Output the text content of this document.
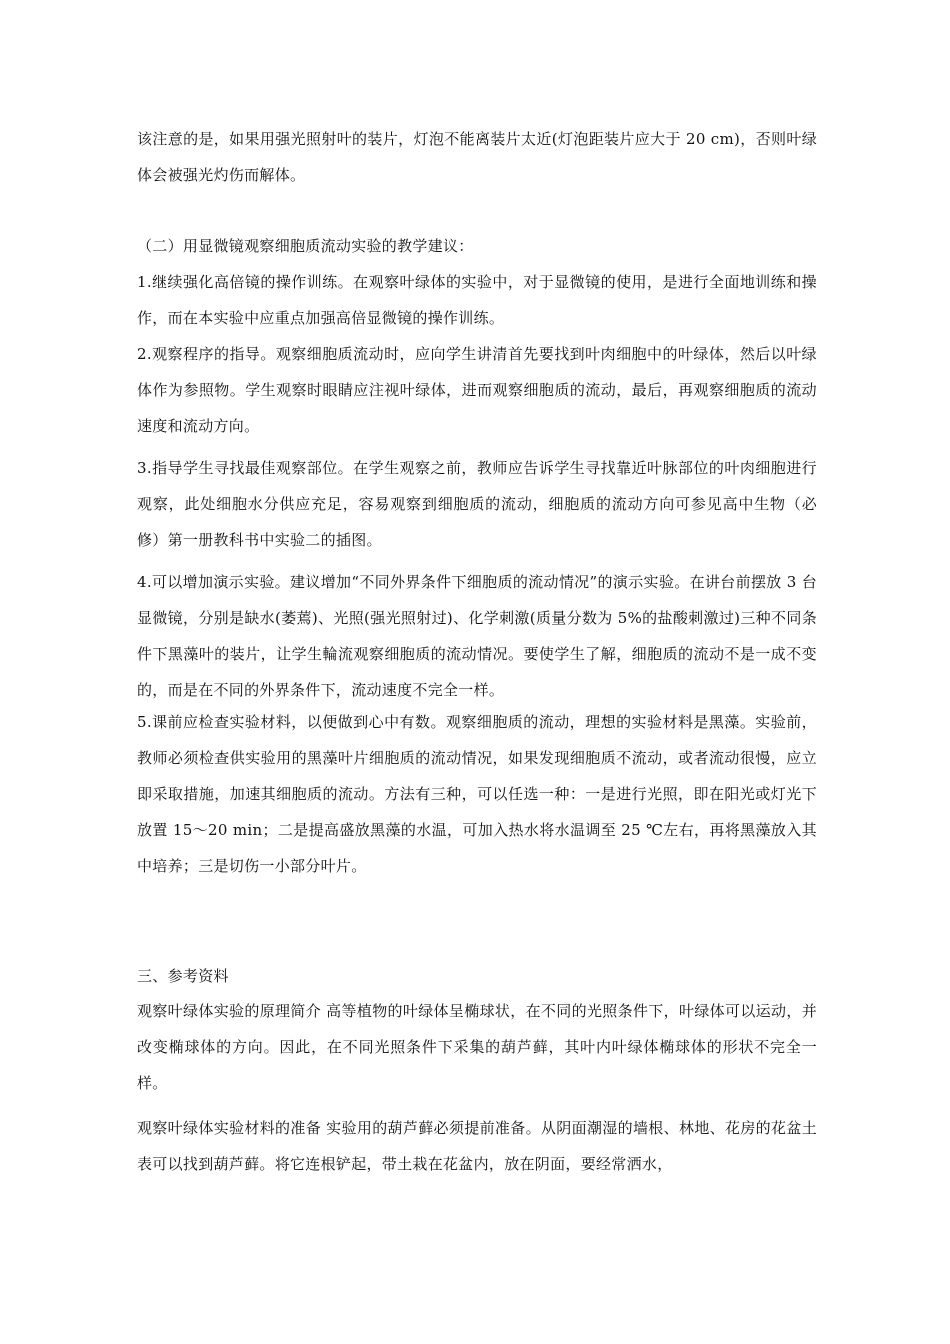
该注意的是，如果用强光照射叶的装片，灯泡不能离装片太近(灯泡距装片应大于 20 cm)，否则叶绿体会被强光灼伤而解体。

（二）用显微镜观察细胞质流动实验的教学建议：

1.继续强化高倍镜的操作训练。在观察叶绿体的实验中，对于显微镜的使用，是进行全面地训练和操作，而在本实验中应重点加强高倍显微镜的操作训练。

2.观察程序的指导。观察细胞质流动时，应向学生讲清首先要找到叶肉细胞中的叶绿体，然后以叶绿体作为参照物。学生观察时眼睛应注视叶绿体，进而观察细胞质的流动，最后，再观察细胞质的流动速度和流动方向。

3.指导学生寻找最佳观察部位。在学生观察之前，教师应告诉学生寻找靠近叶脉部位的叶肉细胞进行观察，此处细胞水分供应充足，容易观察到细胞质的流动，细胞质的流动方向可参见高中生物（必修）第一册教科书中实验二的插图。

4.可以增加演示实验。建议增加“不同外界条件下细胞质的流动情况”的演示实验。在讲台前摆放 3 台显微镜，分别是缺水(萎蔫)、光照(强光照射过)、化学刺激(质量分数为 5%的盐酸刺激过)三种不同条件下黑藻叶的装片，让学生輪流观察细胞质的流动情况。要使学生了解，细胞质的流动不是一成不变的，而是在不同的外界条件下，流动速度不完全一样。

5.课前应检查实验材料，以便做到心中有数。观察细胞质的流动，理想的实验材料是黑藻。实验前，教师必须检查供实验用的黑藻叶片细胞质的流动情况，如果发现细胞质不流动，或者流动很慢，应立即采取措施，加速其细胞质的流动。方法有三种，可以任选一种：一是进行光照，即在阳光或灯光下放置 15～20 min；二是提高盛放黑藻的水温，可加入热水将水温调至 25 ℃左右，再将黑藻放入其中培养；三是切伤一小部分叶片。

三、参考资料

观察叶绿体实验的原理简介 高等植物的叶绿体呈椭球状，在不同的光照条件下，叶绿体可以运动，并改变椭球体的方向。因此，在不同光照条件下采集的葫芦藓，其叶内叶绿体椭球体的形状不完全一样。

观察叶绿体实验材料的准备 实验用的葫芦藓必须提前准备。从阴面潮湿的墙根、林地、花房的花盆土表可以找到葫芦藓。将它连根铲起，带土栽在花盆内，放在阴面，要经常洒水，
